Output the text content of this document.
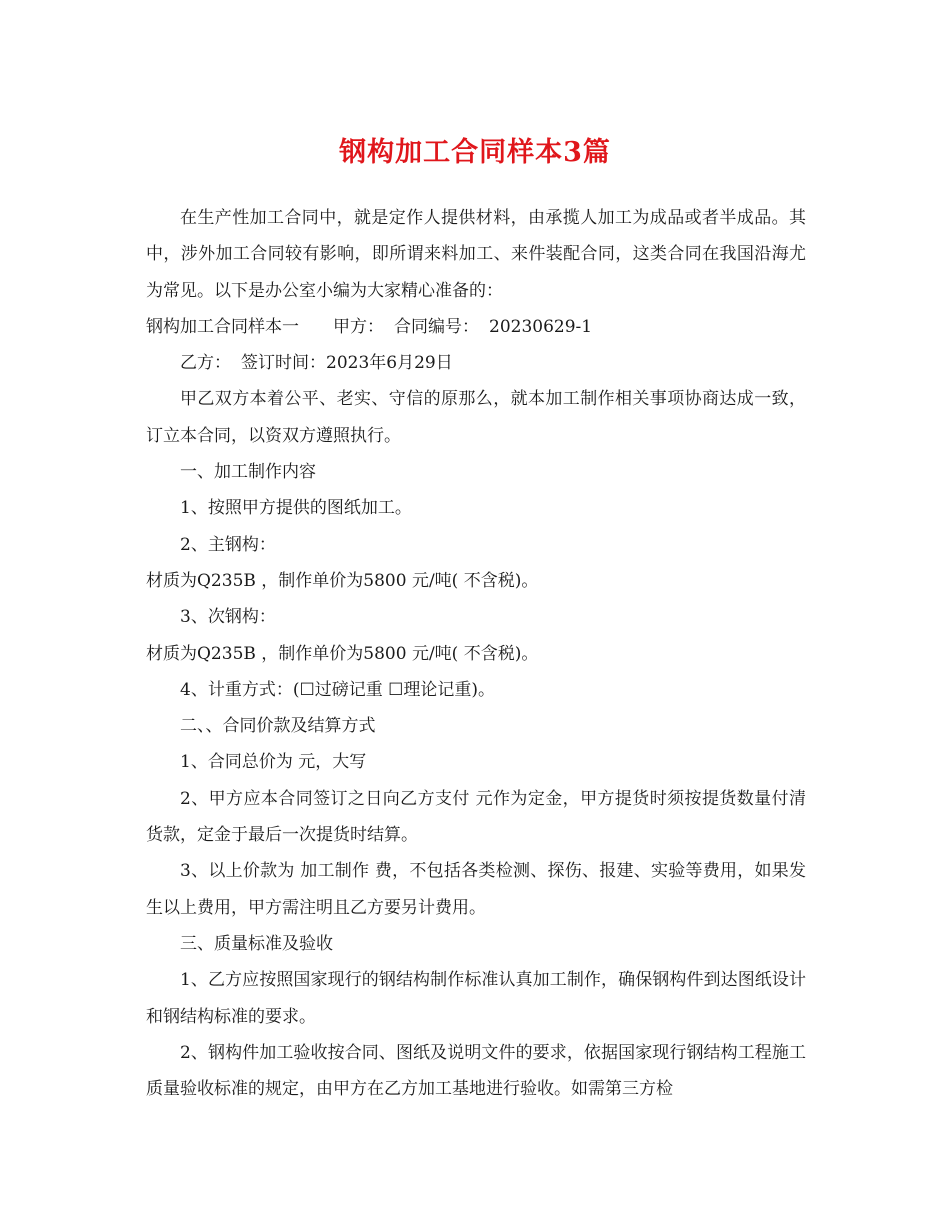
钢构加工合同样本3篇

在生产性加工合同中，就是定作人提供材料，由承揽人加工为成品或者半成品。其中，涉外加工合同较有影响，即所谓来料加工、来件装配合同，这类合同在我国沿海尤为常见。以下是办公室小编为大家精心准备的：

钢构加工合同样本一 甲方： 合同编号： 20230629-1

乙方： 签订时间：2023年6月29日

甲乙双方本着公平、老实、守信的原那么，就本加工制作相关事项协商达成一致，订立本合同，以资双方遵照执行。

一、加工制作内容

1、按照甲方提供的图纸加工。

2、主钢构：

材质为Q235B ，制作单价为5800 元/吨( 不含税)。

3、次钢构：

材质为Q235B ，制作单价为5800 元/吨( 不含税)。

4、计重方式：(☐过磅记重 ☐理论记重)。

二、、合同价款及结算方式

1、合同总价为 元，大写

2、甲方应本合同签订之日向乙方支付 元作为定金，甲方提货时须按提货数量付清货款，定金于最后一次提货时结算。

3、以上价款为 加工制作 费，不包括各类检测、探伤、报建、实验等费用，如果发生以上费用，甲方需注明且乙方要另计费用。

三、质量标准及验收

1、乙方应按照国家现行的钢结构制作标准认真加工制作，确保钢构件到达图纸设计和钢结构标准的要求。

2、钢构件加工验收按合同、图纸及说明文件的要求，依据国家现行钢结构工程施工质量验收标准的规定，由甲方在乙方加工基地进行验收。如需第三方检
